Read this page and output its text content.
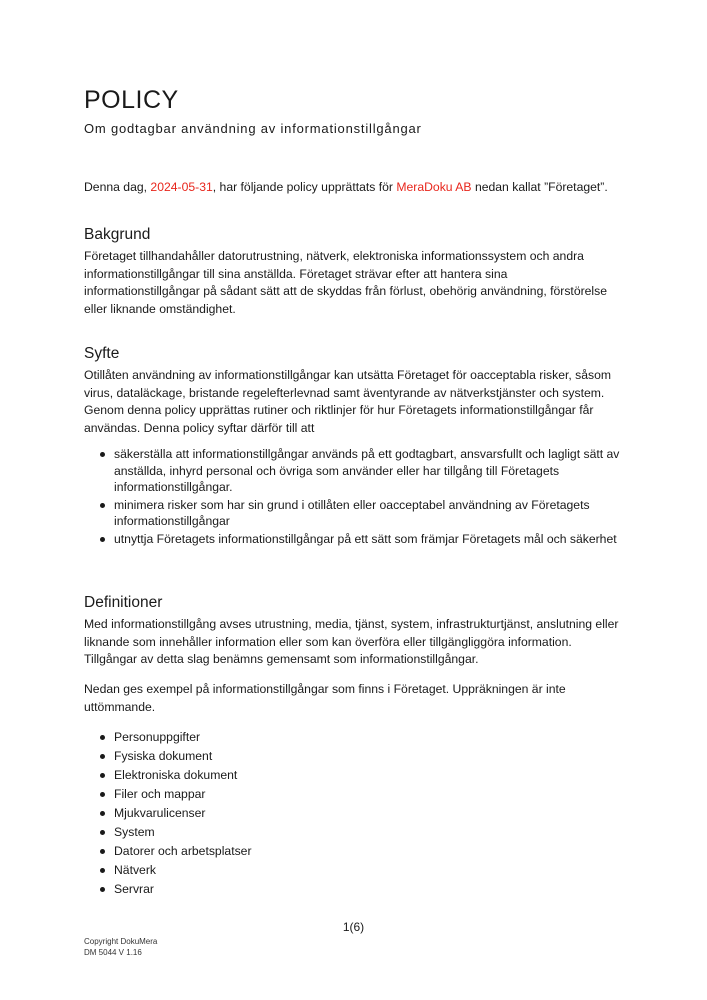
POLICY
Om godtagbar användning av informationstillgångar
Denna dag, 2024-05-31, har följande policy upprättats för MeraDoku AB nedan kallat ”Företaget”.
Bakgrund

Företaget tillhandahåller datorutrustning, nätverk, elektroniska informationssystem och andra informationstillgångar till sina anställda. Företaget strävar efter att hantera sina informationstillgångar på sådant sätt att de skyddas från förlust, obehörig användning, förstörelse eller liknande omständighet.

Syfte

Otillåten användning av informationstillgångar kan utsätta Företaget för oacceptabla risker, såsom virus, dataläckage, bristande regelefterlevnad samt äventyrande av nätverkstjänster och system. Genom denna policy upprättas rutiner och riktlinjer för hur Företagets informationstillgångar får användas. Denna policy syftar därför till att

säkerställa att informationstillgångar används på ett godtagbart, ansvarsfullt och lagligt sätt av anställda, inhyrd personal och övriga som använder eller har tillgång till Företagets informationstillgångar.
minimera risker som har sin grund i otillåten eller oacceptabel användning av Företagets informationstillgångar
utnyttja Företagets informationstillgångar på ett sätt som främjar Företagets mål och säkerhet
Definitioner

Med informationstillgång avses utrustning, media, tjänst, system, infrastrukturtjänst, anslutning eller liknande som innehåller information eller som kan överföra eller tillgängliggöra information. Tillgångar av detta slag benämns gemensamt som informationstillgångar.

Nedan ges exempel på informationstillgångar som finns i Företaget. Uppräkningen är inte uttömmande.

Personuppgifter
Fysiska dokument
Elektroniska dokument
Filer och mappar
Mjukvarulicenser
System
Datorer och arbetsplatser
Nätverk
Servrar
1(6)
Copyright DokuMera
DM 5044 V 1.16
